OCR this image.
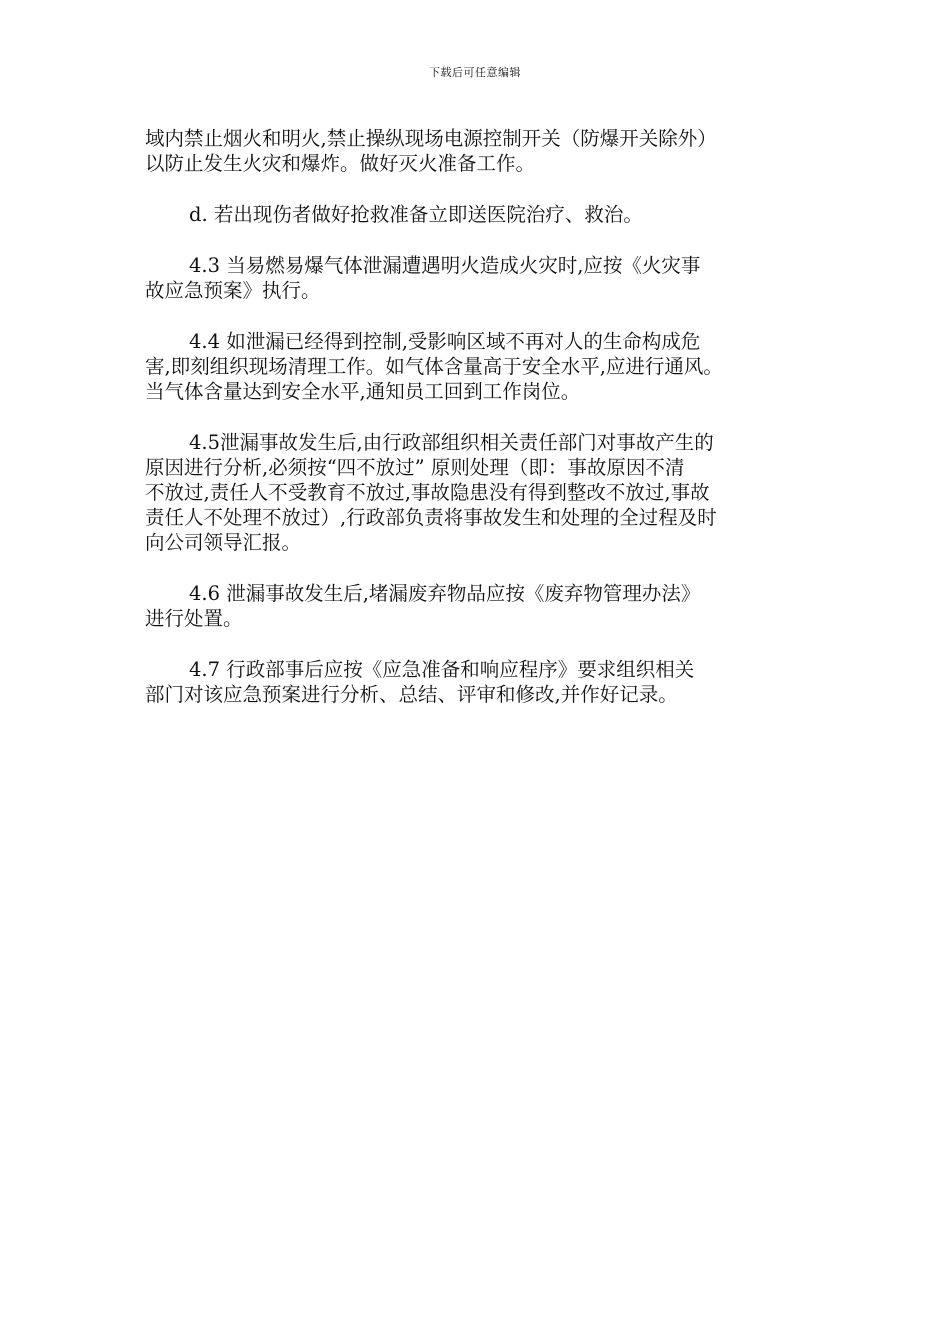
下载后可任意编辑

域内禁止烟火和明火,禁止操纵现场电源控制开关（防爆开关除外）
以防止发生火灾和爆炸。做好灭火准备工作。

d. 若出现伤者做好抢救准备立即送医院治疗、救治。

4.3 当易燃易爆气体泄漏遭遇明火造成火灾时,应按《火灾事
故应急预案》执行。

4.4 如泄漏已经得到控制,受影响区域不再对人的生命构成危
害,即刻组织现场清理工作。如气体含量高于安全水平,应进行通风。
当气体含量达到安全水平,通知员工回到工作岗位。

4.5泄漏事故发生后,由行政部组织相关责任部门对事故产生的
原因进行分析,必须按“四不放过” 原则处理（即：事故原因不清
不放过,责任人不受教育不放过,事故隐患没有得到整改不放过,事故
责任人不处理不放过）,行政部负责将事故发生和处理的全过程及时
向公司领导汇报。

4.6 泄漏事故发生后,堵漏废弃物品应按《废弃物管理办法》
进行处置。

4.7 行政部事后应按《应急准备和响应程序》要求组织相关
部门对该应急预案进行分析、总结、评审和修改,并作好记录。
